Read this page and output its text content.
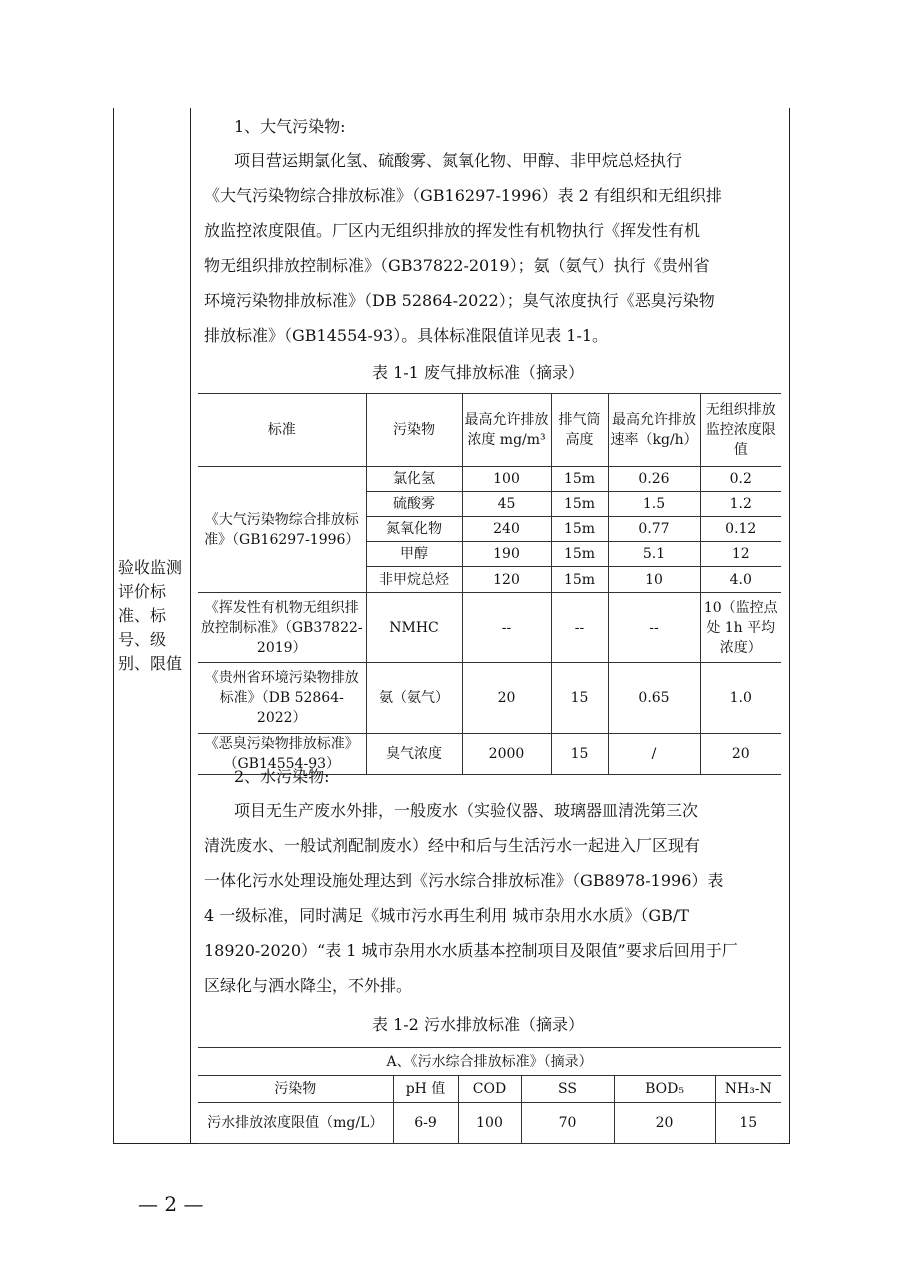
验收监测评价标准、标号、级别、限值
1、大气污染物:
项目营运期氯化氢、硫酸雾、氮氧化物、甲醇、非甲烷总烃执行
《大气污染物综合排放标准》（GB16297-1996）表 2 有组织和无组织排
放监控浓度限值。厂区内无组织排放的挥发性有机物执行《挥发性有机
物无组织排放控制标准》（GB37822-2019）；氨（氨气）执行《贵州省
环境污染物排放标准》（DB 52864-2022）；臭气浓度执行《恶臭污染物
排放标准》（GB14554-93）。具体标准限值详见表 1-1。
表 1-1 废气排放标准（摘录）
标准	污染物	最高允许排放浓度 mg/m³	排气筒高度	最高允许排放速率（kg/h）	无组织排放监控浓度限值
《大气污染物综合排放标准》（GB16297-1996）	氯化氢	100	15m	0.26	0.2
	硫酸雾	45	15m	1.5	1.2
	氮氧化物	240	15m	0.77	0.12
	甲醇	190	15m	5.1	12
	非甲烷总烃	120	15m	10	4.0
《挥发性有机物无组织排放控制标准》（GB37822-2019）	NMHC	--	--	--	10（监控点处 1h 平均浓度）
《贵州省环境污染物排放标准》（DB 52864-2022）	氨（氨气）	20	15	0.65	1.0
《恶臭污染物排放标准》（GB14554-93）	臭气浓度	2000	15	/	20
2、水污染物:
项目无生产废水外排，一般废水（实验仪器、玻璃器皿清洗第三次
清洗废水、一般试剂配制废水）经中和后与生活污水一起进入厂区现有
一体化污水处理设施处理达到《污水综合排放标准》（GB8978-1996）表
4 一级标准，同时满足《城市污水再生利用 城市杂用水水质》（GB/T
18920-2020）“表 1 城市杂用水水质基本控制项目及限值”要求后回用于厂
区绿化与洒水降尘，不外排。
表 1-2 污水排放标准（摘录）
A、《污水综合排放标准》（摘录）					
污染物	pH 值	COD	SS	BOD₅	NH₃-N
污水排放浓度限值（mg/L）	6-9	100	70	20	15
— 2 —
